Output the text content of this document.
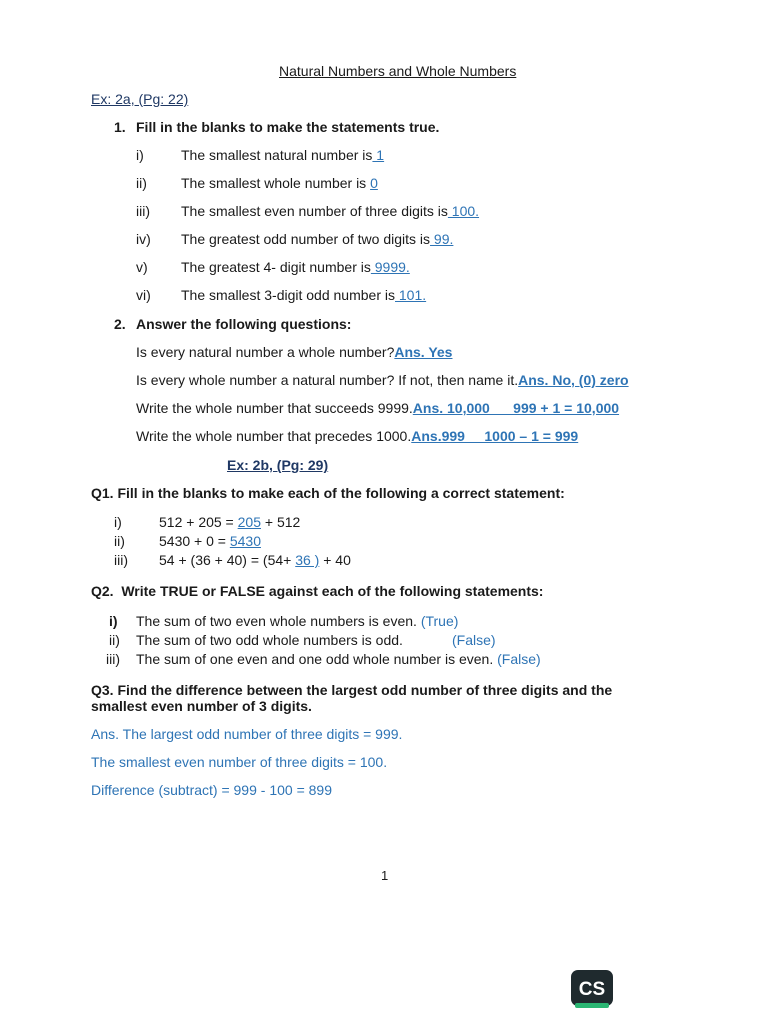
Natural Numbers and Whole Numbers
Ex: 2a, (Pg: 22)
1. Fill in the blanks to make the statements true.
i)	The smallest natural number is 1
ii) The smallest whole number is 0
iii) The smallest even number of three digits is 100.
iv) The greatest odd number of two digits is 99.
v) The greatest 4- digit number is 9999.
vi) The smallest 3-digit odd number is 101.
2. Answer the following questions:
Is every natural number a whole number?Ans. Yes
Is every whole number a natural number? If not, then name it.Ans. No, (0) zero
Write the whole number that succeeds 9999.Ans. 10,000      999 + 1 = 10,000
Write the whole number that precedes 1000.Ans.999     1000 – 1 = 999
Ex: 2b, (Pg: 29)
Q1. Fill in the blanks to make each of the following a correct statement:
i)	512 + 205 = 205 + 512
ii) 5430 + 0 = 5430
iii) 54 + (36 + 40) = (54+ 36 ) + 40
Q2.  Write TRUE or FALSE against each of the following statements:
i) The sum of two even whole numbers is even. (True)
ii) The sum of two odd whole numbers is odd.	(False)
iii) The sum of one even and one odd whole number is even. (False)
Q3. Find the difference between the largest odd number of three digits and the
smallest even number of 3 digits.
Ans. The largest odd number of three digits = 999.
The smallest even number of three digits = 100.
Difference (subtract) = 999 - 100 = 899
1
CS
